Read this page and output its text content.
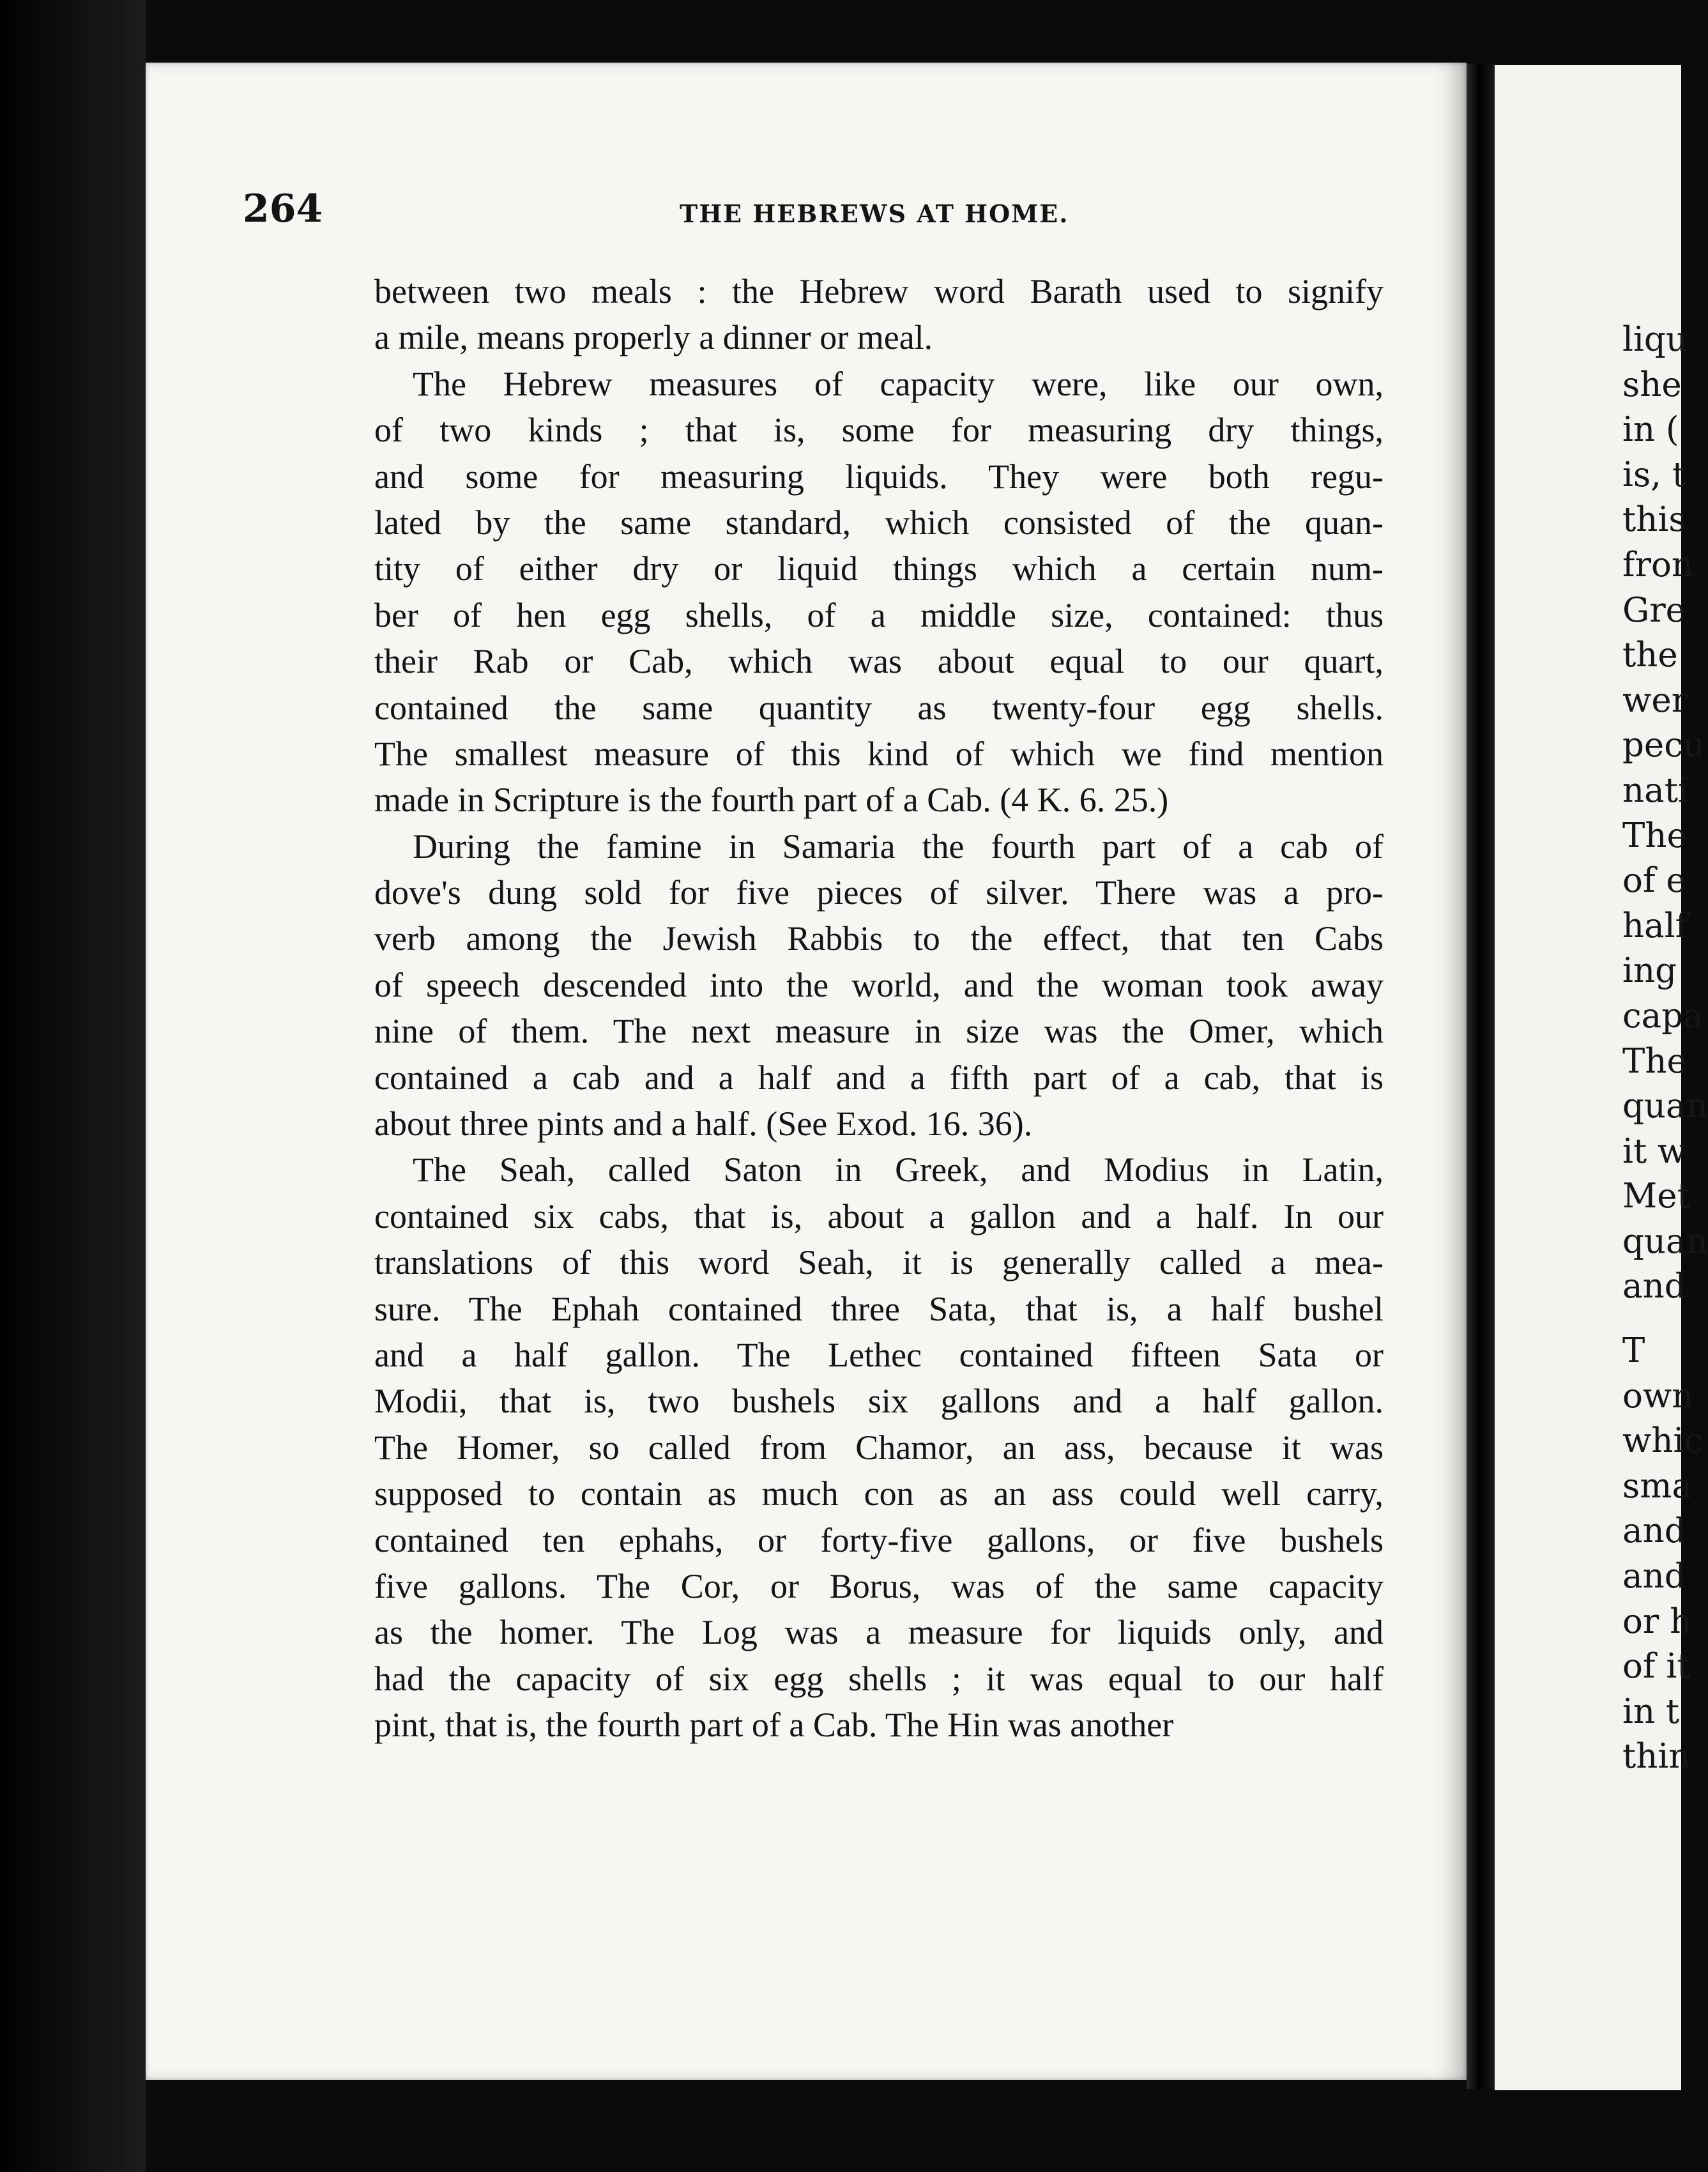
liqu
she
in (
is, t
this
fron
Gre
the
wer
pecu
nati
The
of e
half
ing
capa
The
quan
it w
Met
quan
and
T
own
whic
sma
and
and
or h
of it
in t
thin
264	THE HEBREWS AT HOME.
between two meals : the Hebrew word Barath used to signify
a mile, means properly a dinner or meal.
The Hebrew measures of capacity were, like our own,
of two kinds ; that is, some for measuring dry things,
and some for measuring liquids. They were both regu-
lated by the same standard, which consisted of the quan-
tity of either dry or liquid things which a certain num-
ber of hen egg shells, of a middle size, contained: thus
their Rab or Cab, which was about equal to our quart,
contained the same quantity as twenty-four egg shells.
The smallest measure of this kind of which we find mention
made in Scripture is the fourth part of a Cab. (4 K. 6. 25.)
During the famine in Samaria the fourth part of a cab of
dove's dung sold for five pieces of silver. There was a pro-
verb among the Jewish Rabbis to the effect, that ten Cabs
of speech descended into the world, and the woman took away
nine of them. The next measure in size was the Omer, which
contained a cab and a half and a fifth part of a cab, that is
about three pints and a half. (See Exod. 16. 36).
The Seah, called Saton in Greek, and Modius in Latin,
contained six cabs, that is, about a gallon and a half. In our
translations of this word Seah, it is generally called a mea-
sure. The Ephah contained three Sata, that is, a half bushel
and a half gallon. The Lethec contained fifteen Sata or
Modii, that is, two bushels six gallons and a half gallon.
The Homer, so called from Chamor, an ass, because it was
supposed to contain as much con as an ass could well carry,
contained ten ephahs, or forty-five gallons, or five bushels
five gallons. The Cor, or Borus, was of the same capacity
as the homer. The Log was a measure for liquids only, and
had the capacity of six egg shells ; it was equal to our half
pint, that is, the fourth part of a Cab. The Hin was another
